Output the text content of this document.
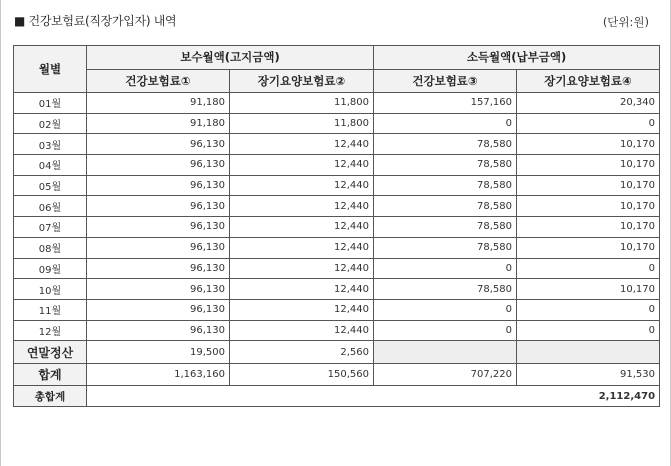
■ 건강보험료(직장가입자) 내역	(단위:원)
월별	보수월액(고지금액)		소득월액(납부금액)	
	건강보험료①	장기요양보험료②	건강보험료③	장기요양보험료④
01월	91,180	11,800	157,160	20,340
02월	91,180	11,800	0	0
03월	96,130	12,440	78,580	10,170
04월	96,130	12,440	78,580	10,170
05월	96,130	12,440	78,580	10,170
06월	96,130	12,440	78,580	10,170
07월	96,130	12,440	78,580	10,170
08월	96,130	12,440	78,580	10,170
09월	96,130	12,440	0	0
10월	96,130	12,440	78,580	10,170
11월	96,130	12,440	0	0
12월	96,130	12,440	0	0
연말정산	19,500	2,560		
합계	1,163,160	150,560	707,220	91,530
총합계	2,112,470			
